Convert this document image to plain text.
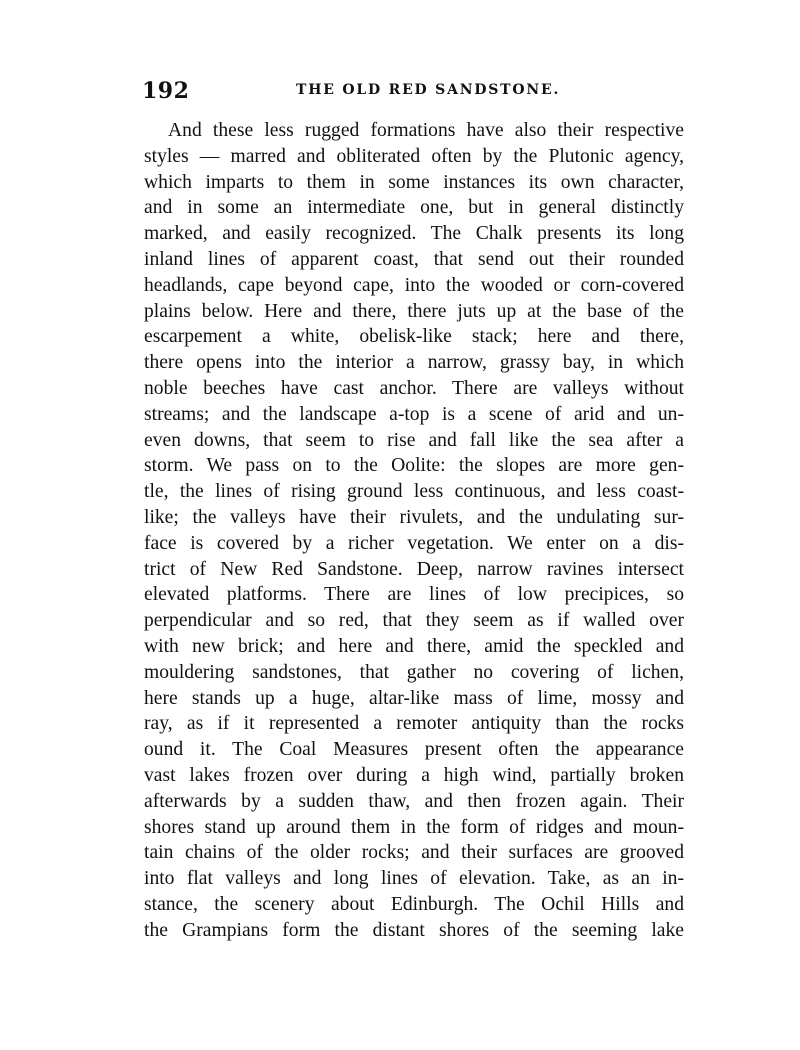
192	THE OLD RED SANDSTONE.
And these less rugged formations have also their respective
styles — marred and obliterated often by the Plutonic agency,
which imparts to them in some instances its own character,
and in some an intermediate one, but in general distinctly
marked, and easily recognized. The Chalk presents its long
inland lines of apparent coast, that send out their rounded
headlands, cape beyond cape, into the wooded or corn-covered
plains below. Here and there, there juts up at the base of the
escarpement a white, obelisk-like stack; here and there,
there opens into the interior a narrow, grassy bay, in which
noble beeches have cast anchor. There are valleys without
streams; and the landscape a-top is a scene of arid and un-
even downs, that seem to rise and fall like the sea after a
storm. We pass on to the Oolite: the slopes are more gen-
tle, the lines of rising ground less continuous, and less coast-
like; the valleys have their rivulets, and the undulating sur-
face is covered by a richer vegetation. We enter on a dis-
trict of New Red Sandstone. Deep, narrow ravines intersect
elevated platforms. There are lines of low precipices, so
perpendicular and so red, that they seem as if walled over
with new brick; and here and there, amid the speckled and
mouldering sandstones, that gather no covering of lichen,
here stands up a huge, altar-like mass of lime, mossy and
ray, as if it represented a remoter antiquity than the rocks
ound it. The Coal Measures present often the appearance
vast lakes frozen over during a high wind, partially broken
afterwards by a sudden thaw, and then frozen again. Their
shores stand up around them in the form of ridges and moun-
tain chains of the older rocks; and their surfaces are grooved
into flat valleys and long lines of elevation. Take, as an in-
stance, the scenery about Edinburgh. The Ochil Hills and
the Grampians form the distant shores of the seeming lake
